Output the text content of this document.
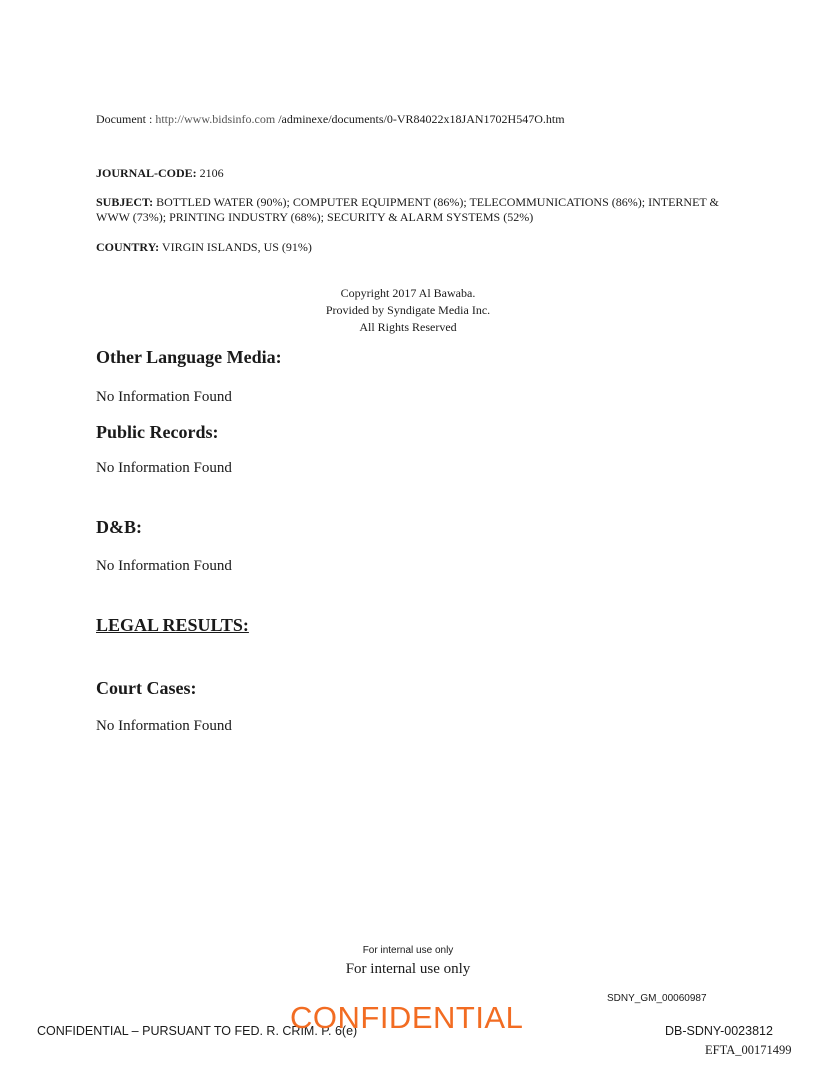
Document : http://www.bidsinfo.com /adminexe/documents/0-VR84022x18JAN1702H547O.htm
JOURNAL-CODE: 2106
SUBJECT: BOTTLED WATER (90%); COMPUTER EQUIPMENT (86%); TELECOMMUNICATIONS (86%); INTERNET & WWW (73%); PRINTING INDUSTRY (68%); SECURITY & ALARM SYSTEMS (52%)
COUNTRY: VIRGIN ISLANDS, US (91%)
Copyright 2017 Al Bawaba.
Provided by Syndigate Media Inc.
All Rights Reserved
Other Language Media:
No Information Found
Public Records:
No Information Found
D&B:
No Information Found
LEGAL RESULTS:
Court Cases:
No Information Found
For internal use only
For internal use only
SDNY_GM_00060987
CONFIDENTIAL – PURSUANT TO FED. R. CRIM. P. 6(e)
CONFIDENTIAL	DB-SDNY-0023812
EFTA_00171499
